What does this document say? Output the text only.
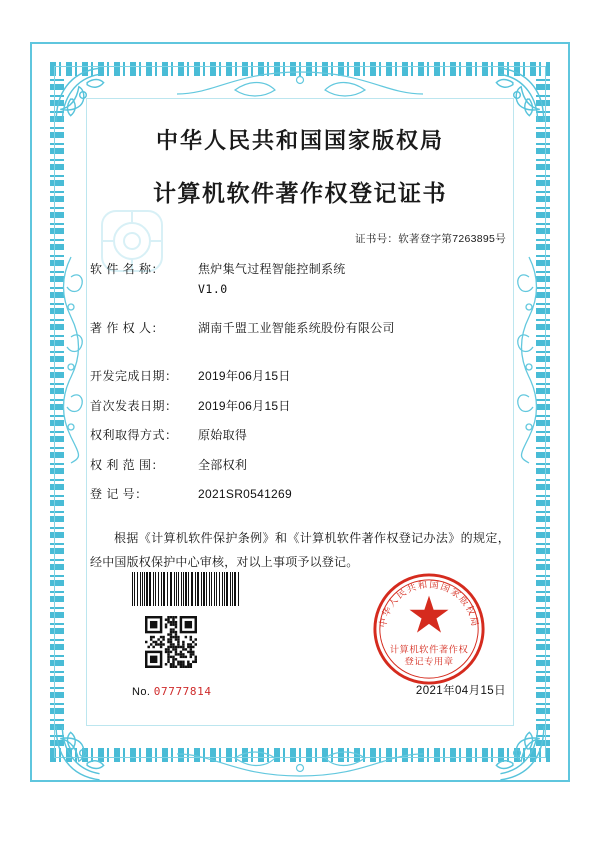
中华人民共和国国家版权局
计算机软件著作权登记证书
证书号：软著登字第7263895号
软 件 名 称：	焦炉集气过程智能控制系统
V1.0
著 作 权 人：	湖南千盟工业智能系统股份有限公司
开发完成日期：	2019年06月15日
首次发表日期：	2019年06月15日
权利取得方式：	原始取得
权 利 范 围：	全部权利
登 记 号：	2021SR0541269
根据《计算机软件保护条例》和《计算机软件著作权登记办法》的规定，经中国版权保护中心审核，对以上事项予以登记。
No. 07777814	2021年04月15日
中华人民共和国国家版权局
计算机软件著作权
登记专用章
